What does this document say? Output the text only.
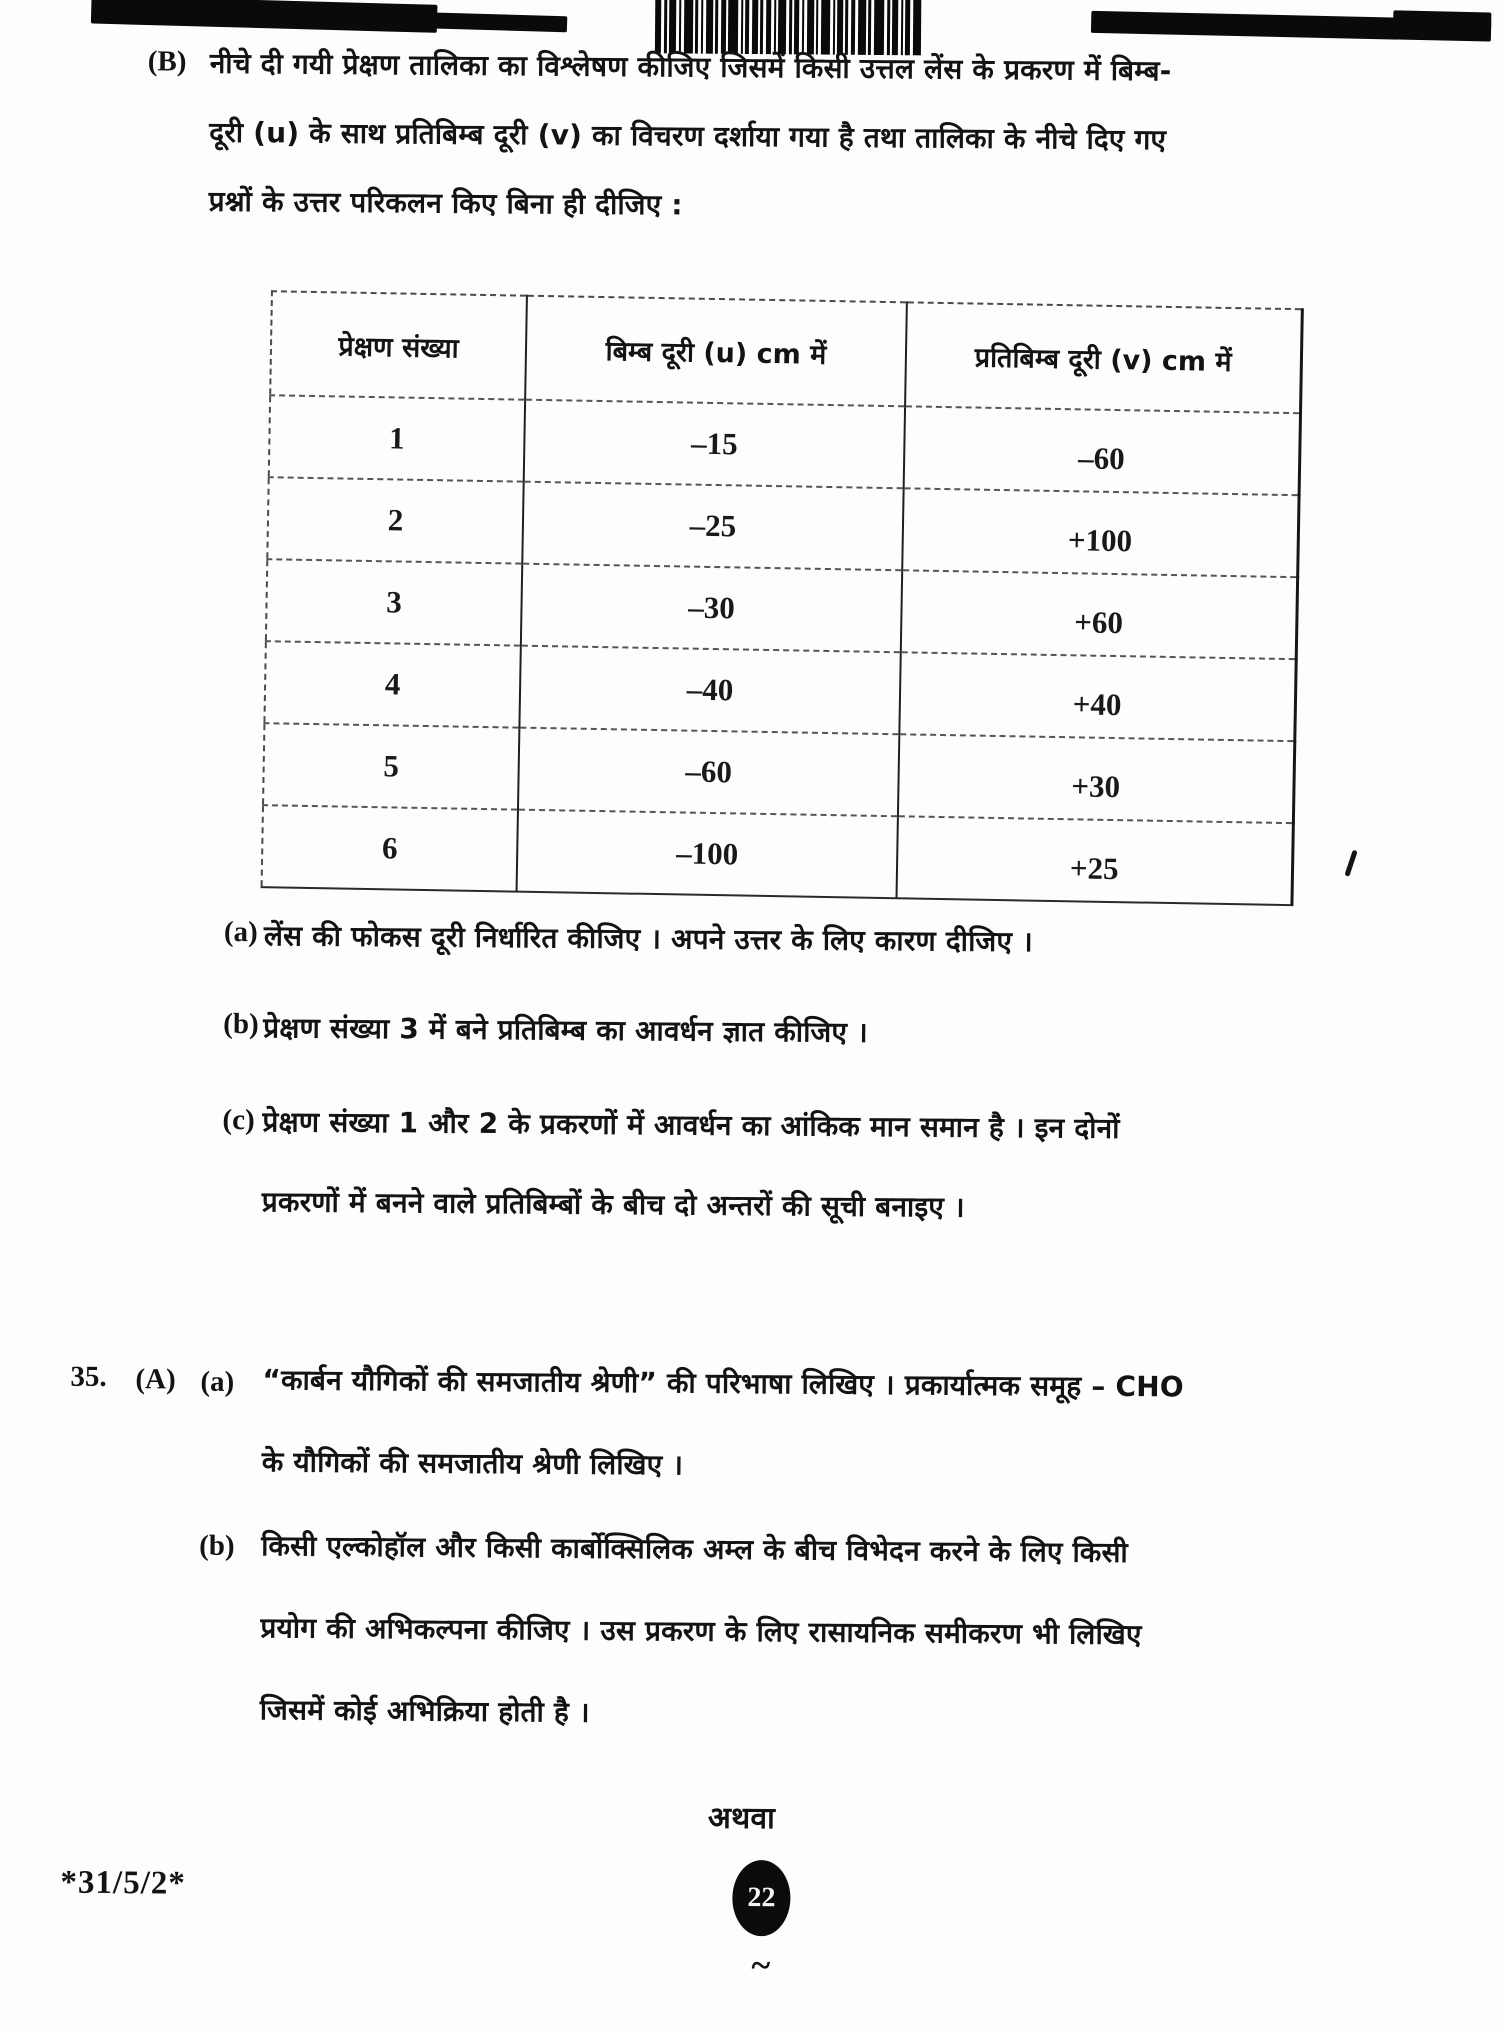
(B) नीचे दी गयी प्रेक्षण तालिका का विश्लेषण कीजिए जिसमें किसी उत्तल लेंस के प्रकरण में बिम्ब-
दूरी (u) के साथ प्रतिबिम्ब दूरी (v) का विचरण दर्शाया गया है तथा तालिका के नीचे दिए गए
प्रश्नों के उत्तर परिकलन किए बिना ही दीजिए :
प्रेक्षण संख्या	बिम्ब दूरी (u) cm में	प्रतिबिम्ब दूरी (v) cm में
1	–15	–60
2	–25	+100
3	–30	+60
4	–40	+40
5	–60	+30
6	–100	+25
(a) लेंस की फोकस दूरी निर्धारित कीजिए । अपने उत्तर के लिए कारण दीजिए ।
(b) प्रेक्षण संख्या 3 में बने प्रतिबिम्ब का आवर्धन ज्ञात कीजिए ।
(c) प्रेक्षण संख्या 1 और 2 के प्रकरणों में आवर्धन का आंकिक मान समान है । इन दोनों
प्रकरणों में बनने वाले प्रतिबिम्बों के बीच दो अन्तरों की सूची बनाइए ।
35. (A) (a) “कार्बन यौगिकों की समजातीय श्रेणी” की परिभाषा लिखिए । प्रकार्यात्मक समूह – CHO
के यौगिकों की समजातीय श्रेणी लिखिए ।
(b) किसी एल्कोहॉल और किसी कार्बोक्सिलिक अम्ल के बीच विभेदन करने के लिए किसी
प्रयोग की अभिकल्पना कीजिए । उस प्रकरण के लिए रासायनिक समीकरण भी लिखिए
जिसमें कोई अभिक्रिया होती है ।
अथवा
*31/5/2*	22
~
